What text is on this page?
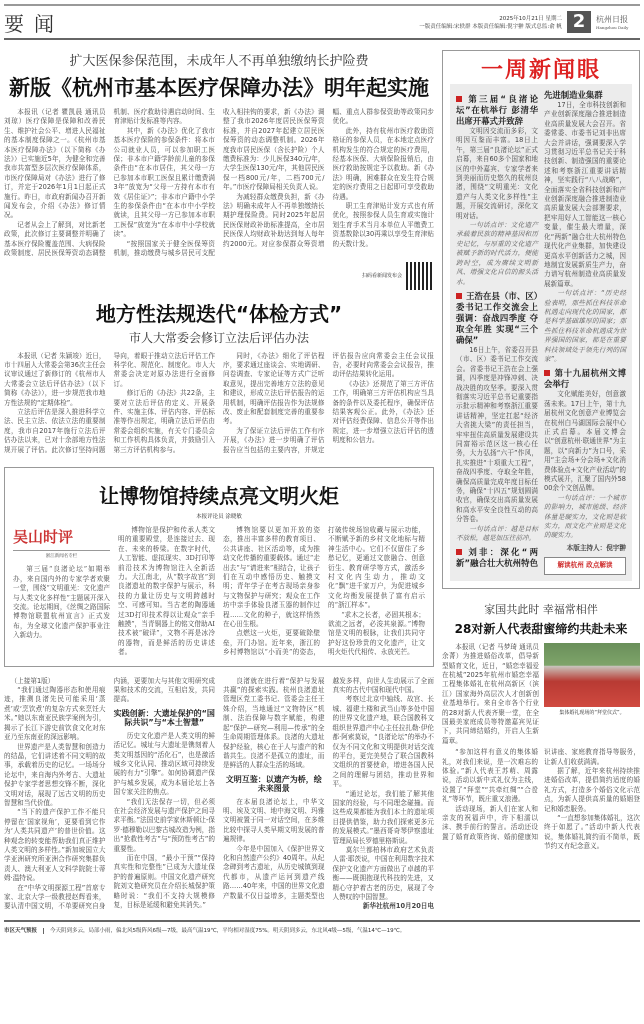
要闻	2025年10月21日 星期二
一版责任编辑:宋轶群 本版责任编辑:倪宇翀 版式总监:俞 帆 2	杭州日报
Hangzhou Daily
扩大医保参保范围，未成年人不再单独缴纳长护险费
新版《杭州市基本医疗保障办法》明年起实施

本报讯（记者 瞿凯晨 通讯员 刘琼）医疗保障是保障和改善民生、维护社会公平、增进人民福祉的基本制度保障之一。《杭州市基本医疗保障办法》（以下简称《办法》）已实施近5年，为健全和完善我市共富型多层次医疗保障体系，市医疗保障局对《办法》进行了修订，并定于2026年1月1日起正式施行。昨日，市政府新闻办召开新闻发布会，介绍《办法》修订情况。

记者从会上了解到，对比新老政策，此次修订主要调整并明确了基本医疗保险覆盖范围、大病保险政策制度、居民医保筹资动态调整机制、医疗救助待遇启动时间、生育津贴计发标准等内容。

其中，新《办法》优化了我市基本医疗保险的参保条件：将本市公司就业人员，可以参加职工医保；非本市户籍学龄前儿童的参保条件由“在本市居住，其父母一方已参加本市职工医保且累计缴费满3年”放宽为“父母一方持有本市有效《居住证》”；非本市户籍中小学生的参保条件由“在本市中小学校就读，且其父母一方已参加本市职工医保”放宽为“在本市中小学校就读”。

“按照国家关于健全医保筹资机制，推动缴费与城乡居民可支配收入相挂钩的要求，新《办法》调整了我市2026年度居民医保筹资标准，并自2027年起建立居民医保筹资的动态调整机制。2026年度我市居民医保（含长护险）个人缴费标准为：少儿医保340元/年，大学生医保130元/年，其他居民医保一档800元/年，二档700元/年。”市医疗保障局相关负责人说。

为减轻群众缴费负担，新《办法》明确未成年人不再单独缴纳长期护理保险费。同时2025年起居民医保财政补助标准提高，全市居民医保人均财政补助达到每人每年约2000元。对应参保群众筹资增幅、重点人群参保资助等政策同步优化。

此外，持有杭州市医疗救助资格证的参保人员，在本地定点医疗机构发生的符合规定的医疗费用，经基本医保、大病保险报销后，由医疗救助按规定予以救助。新《办法》明确，困难群众在发生符合规定的医疗费用之日起即可享受救助待遇。

职工生育津贴计发方式也有所优化，按照参保人员生育或实施计划生育手术当月本单位人平缴费工资基数除以30再乘以享受生育津贴的天数计发。

扫码看新闻发布会
地方性法规迭代“体检方式”
市人大常委会修订立法后评估办法

本报讯（记者 朱颖竣）近日，市十四届人大常委会第36次主任会议审议通过了新修订的《杭州市人大常委会立法后评估办法》（以下简称《办法》），进一步规范我市地方性法规的“定期体检”。

立法后评估是深入推进科学立法、民主立法、依法立法的重要制度，我市自2017年施行立法后评估办法以来，已对十余部地方性法规开展了评估。此次修订坚持问题导向，着眼于推动立法后评估工作科学化、规范化、制度化。市人大常委会决定对原办法进行全面修订。

修订后的《办法》共22条，主要对立法后评估的定义、开展条件、实施主体、评估内容、评估标准等作出规定，明确立法后评估由常委会组织实施，有关专门委员会和工作机构具体负责，并鼓励引入第三方评估机构参与。

同时，《办法》细化了评估程序，要求通过座谈会、实地调研、问卷调查、专家论证等方式广泛听取意见，提出完善地方立法的意见和建议，形成立法后评估报告的运用机制，明确评估报告作为法规修改、废止和配套制度完善的重要参考。

为了保证立法后评估工作有序开展，《办法》进一步明确了评估报告应当包括的主要内容，并规定评估报告应向常委会主任会议报告，必要时向常委会会议报告，推动评估结果转化运用。

《办法》还规范了第三方评估工作，明确第三方评估机构应当具备的条件以及委托程序，确保评估结果客观公正。此外，《办法》还对评估经费保障、信息公开等作出规定，进一步增强立法后评估的透明度和公信力。

让博物馆持续点亮文明火炬
本报评论员 涂晓敏
吴山时评
浙江新闻名专栏

第三届“良渚论坛”如期举办，来自国内外的专家学者欢聚一堂，围绕“文明重光：文化遗产与人类文化多样性”主题展开深入交流。论坛期间，《丝绸之路国际博物馆联盟杭州宣言》正式发布，为全球文化遗产保护事业注入新动力。

博物馆是保护和传承人类文明的重要殿堂，是连接过去、现在、未来的桥梁。在数字时代，人工智能、虚拟现实、3D打印等前沿技术为博物馆注入全新活力。大江南北，从“数字故宫”到良渚遗址的数字保护与展示，科技的力量让历史与文明跨越时空、可感可知。当古老的陶器通过3D打印技术得以让观众“亲手触摸”，当青铜器上的铭文借助AI技术被“破译”，文物不再是冰冷的器物，而是鲜活的历史讲述者。

博物馆要以更加开放的姿态，推出丰富多样的教育项目、公共讲座、社区活动等，成为推动文化传播的重要载体。通过“走出去”与“请进来”相结合，让孩子们在互动中感悟历史、触摸文明；青年学子在考古现场亲身参与文物保护与研究；观众在工作坊中亲手体验良渚玉器的制作过程……文化的种子，就这样悄然在心田生根。

点燃这一火炬，更要破除壁垒，开门办馆。近年来，浙江的乡村博物馆以“小而美”的姿态，打破传统场馆收藏与展示功能，不断赋予新的乡村文化地标与精神生活中心。它们不仅留住了乡愁记忆，更通过文旅融合、创意衍生、教育研学等方式，激活乡村文化内生动力，推动文化“飘”进千家万户，为促进城乡文化均衡发展提供了富有启示的“浙江样本”。

“求木之长者，必固其根本；欲流之远者，必浚其泉源。”博物馆是文明的根脉，让我们共同守护好这份珍贵的文化遗产，让文明火炬代代相传、永放光芒。

（上接第1版）

“我们通过陶器形态和使用痕迹，推测良渚先民可能采用‘蒸煮’或‘烹饮煮’的复杂方式来烹饪大米。”她以东南亚民族学案例为引，揭示了长江下游史前饮食文化对东亚乃至东南亚的深远影响。

世界遗产是人类智慧和创造力的结晶，它们讲述着不同文明的故事，承载着历史的记忆。一场场分论坛中，来自海内外考古、大遗址保护专家学者思想交锋不断，深化文明对话，展现了远古文明的历史智慧和当代价值。

“当下的遗产保护工作不能只停留在‘国家视角’，更要看到它作为‘人类共同遗产’的普世价值。这种观念的转变能帮助我们真正维护人类文明的多样性。”新加坡国立大学亚洲研究所亚洲合作研究集群负责人、澳大利亚人文科学院院士蒂姆·温特说。

在“中华文明探源工程”首席专家、北京大学一级教授赵辉看来，要认清中国文明，不单要研究自身内涵，更要加大与其他文明研究成果和技术的交流，互相启发，共同提高。

实践创新：大遗址保护的“国际共识”与“本土智慧”

历史文化遗产是人类文明的鲜活记忆。城址与大遗址是镌刻着人类文明基因的“活化石”，也是激活城乡文化认同、推动区域可持续发展的有力“引擎”。如何协调遗产保护与城乡发展，成为本届论坛上各国专家关注的焦点。

“我们无法保存一切，但必须在社会经济发展与遗产保护之间寻求平衡。”法国史前学家休斯顿让-保罗·德穆勒以巴黎古城改造为例，指出“抢救性考古”与“预防性考古”的重要性。

而在中国，“最小干预”“保持真实性和完整性”已成为大遗址保护的普遍原则。中国文化遗产研究院刘文艳研究员在介绍长城保护策略时说：“我们不支持大规模修复，目标是延缓和避免其消失。”

良渚就在进行着“保护与发展共赢”的探索实践。杭州良渚遗址管理区党工委书记、管委会主任王姝介绍，当地通过“文物特区”机制、法治保障与数字赋能，构建起“保护—研究—利用—传承”的全生命周期管理体系。良渚的大遗址保护经验，核心在于人与遗产的和谐共生。良渚不是孤立的遗址，而是鲜活的人群众生活的场域。

文明互鉴：以遗产为桥，绘未来图景

在本届良渚论坛上，中华文明、埃及文明、地中海文明、玛雅文明被置于同一对话空间，在多维比较中探寻人类早期文明发展的普遍规律。

今年是中国加入《保护世界文化和自然遗产公约》40周年。从纪念碑到考古遗址，从历史城镇到现代都市，从遗产运河到遗产线路……40年来，中国的世界文化遗产数量不仅日益增多，主题类型也越发多样，向世人生动展示了全面真实的古代中国和现代中国。

考察过北京中轴线、故宫、长城、福建土楼和武当山等多处中国的世界文化遗产地，联合国教科文组织世界遗产中心主任拉扎勒·伊伦都·阿索莫说，“良渚论坛”的举办不仅为不同文化和文明提供对话交流的平台，更完美契合了联合国教科文组织的首要使命，增进各国人民之间的理解与团结，推动世界和平。

“通过论坛，我们能了解其他国家的经验，与不同理念碰撞。而这些成果都能为我们本土的遗址项目提供借鉴，助力我们探索更多元的发展模式。”墨西哥奇琴伊察遗址管理局局长罗德里格斯说。

莫尔兰都柏林市政府艺术负责人雷·耶茨说，中国在利用数字技术保护文化遗产方面做出了卓越的平衡——既拥抱现代科技的先进，又精心守护着古老的历史，展现了令人赞叹的中国智慧。

新华社杭州10月20日电
一周新闻眼
第三届“良渚论坛”在杭举行 彭清华出席开幕式并致辞

文明因交流而多彩，文明因互鉴而丰富。18日上午，第三届“良渚论坛”正式启幕，来自60多个国家和地区的中外嘉宾、专家学者来到美丽而历史悠久的杭州良渚，围绕“文明重光：文化遗产与人类文化多样性”主题，开展交流研讨，深化文明对话。

一句话点评：文化遗产承载着民族的精神基因和历史记忆，与厚重的文化遗产被赋予新的时代活力，便能跨时空，成为赓续文明新风、增强文化自信的源头活水。

王浩在县（市、区）委书记工作交流会上强调：奋战四季度 夺取全年胜 实现“三个确保”

16日上午，省委召开县（市、区）委书记工作交流会。省委书记王浩在会上强调，四季度是冲锋冲刺、决战决胜的攻坚季。要深入贯彻落实习近平总书记重要指示批示精神和考察浙江重要讲话精神，坚定扛起“经济大省挑大梁”的责任担当，牢牢扭住高质量发展建设共同富裕示范区这一核心任务，大力弘扬“六干”作风，扎实推进“十项重大工程”，奋战四季度、夺取全年胜，确保高质量完成年度目标任务，确保“十四五”规划圆满收官，确保交出高质量发展和高水平安全良性互动的高分答卷。

一句话点评：越是目标不放松，越是加压往前冲。

刘非：深化“两新”融合壮大杭州特色先进制造业集群

17日，全市科技创新和产业创新深度融合推进制造业高质量发展大会召开。省委常委、市委书记刘非出席大会并讲话，强调要深入学习贯彻习近平总书记关于科技创新、制造强国的重要论述和考察浙江重要讲话精神，坚实践行“八八战略”，全面落实全省科技创新和产业创新深度融合推进制造业高质量发展大会部署要求，把牢用好人工智能这一核心变量，催生最大增量，深化“两新”融合壮大杭州特色现代化产业集群，加快建设更高水平创新活力之城，因地制宜发展新质生产力，奋力谱写杭州制造业高质量发展新篇章。

一句话点评：“历史经验表明，那些抓住科技革命机遇走向现代化的国家，都是科学基础雄厚的国家；那些抓住科技革命机遇成为世界强国的国家，都是在重要科技领域处于领先行列的国家”。

第十九届杭州文博会举行

文化赋能美好，创意激荡未来。17日上午，第十九届杭州文化创意产业博览会在杭州白马湖国际会展中心正式启幕。本届文博会以“创意杭州·联通世界”为主题，以“向新力”为口号，采用“主会场+分会场+文化消费体验点+文化产业活动”的模式展开，汇聚了国内外5800余个文创品牌。

一句话点评：一个城市的影响力，城市能级、经济体量是硬实力，文化则是软实力，而文化产业则是文化的硬实力。

本版主持人：倪宇翀
解读杭州 政点解读
家国共此时 幸福常相伴
28对新人代表甜蜜缔约共赴未来

本报讯（记者 马梦琦 通讯员 余菁）为推进婚俗改革，倡导新型婚育文化，近日，“婚恋幸福爱在杭城”2025年杭州市婚恋幸福工程集体婚礼在杭州高新区（滨江）国家海外高层次人才创新创业基地举行。来自全市各个行业的28对新人代表齐聚一堂，在全国最美家庭成员等特邀嘉宾见证下，共同缔结婚约，开启人生新篇章。

集体婚礼现场的“拜堂仪式”。

“参加这样有意义的集体婚礼，对我们来说，是一次难忘的体验。”新人代表王苏萌、周露说，活动以新中式礼仪为主线，设置了“拜堂”“共牵红绸”“合卺礼”等环节，既庄重又浪漫。

活动现场，新人们在家人和亲友的祝福声中，许下相濡以沫、携手前行的誓言。活动还设置了婚育政策咨询、婚前健康知识讲座、家庭教育指导等服务，让新人们收获满满。

据了解，近年来杭州持续推进婚俗改革，提倡简约适度的婚礼方式，打造多个婚俗文化示范点，为新人提供高质量的婚姻登记和婚恋服务。

“一直想参加集体婚礼，这次终于如愿了。”活动中新人代表说，集体婚礼简约而不简单，既节约又有纪念意义。

市区天气预报 今天阴到多云，局部小雨，偏北风5级阵风6级—7级，最高气温19℃，平均相对湿度75%。明天阴到多云，东北风4级—5级，气温14℃—19℃。
